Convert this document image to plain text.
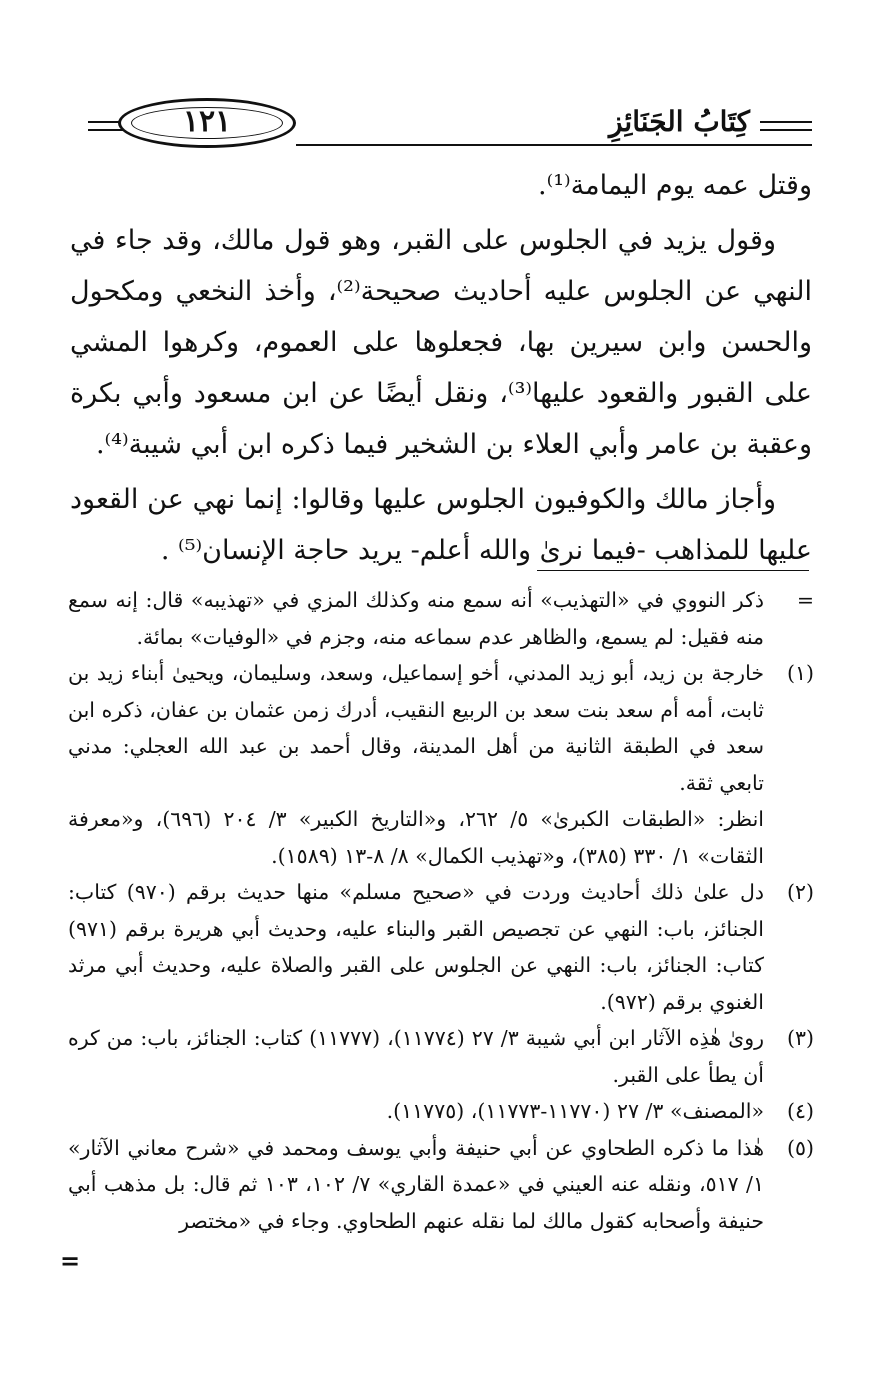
١٢١	كِتَابُ الجَنَائِزِ

وقتل عمه يوم اليمامة⁽¹⁾.

وقول يزيد في الجلوس على القبر، وهو قول مالك، وقد جاء في النهي عن الجلوس عليه أحاديث صحيحة⁽²⁾، وأخذ النخعي ومكحول والحسن وابن سيرين بها، فجعلوها على العموم، وكرهوا المشي على القبور والقعود عليها⁽³⁾، ونقل أيضًا عن ابن مسعود وأبي بكرة وعقبة بن عامر وأبي العلاء بن الشخير فيما ذكره ابن أبي شيبة⁽⁴⁾.

وأجاز مالك والكوفيون الجلوس عليها وقالوا: إنما نهي عن القعود عليها للمذاهب -فيما نرىٰ والله أعلم- يريد حاجة الإنسان⁽⁵⁾ .

=
ذكر النووي في «التهذيب» أنه سمع منه وكذلك المزي في «تهذيبه» قال: إنه سمع منه فقيل: لم يسمع، والظاهر عدم سماعه منه، وجزم في «الوفيات» بمائة.
(١)
خارجة بن زيد، أبو زيد المدني، أخو إسماعيل، وسعد، وسليمان، ويحيىٰ أبناء زيد بن ثابت، أمه أم سعد بنت سعد بن الربيع النقيب، أدرك زمن عثمان بن عفان، ذكره ابن سعد في الطبقة الثانية من أهل المدينة، وقال أحمد بن عبد الله العجلي: مدني تابعي ثقة.

انظر: «الطبقات الكبرىٰ» ٥/ ٢٦٢، و«التاريخ الكبير» ٣/ ٢٠٤ (٦٩٦)، و«معرفة الثقات» ١/ ٣٣٠ (٣٨٥)، و«تهذيب الكمال» ٨/ ٨-١٣ (١٥٨٩).

(٢)
دل علىٰ ذلك أحاديث وردت في «صحيح مسلم» منها حديث برقم (٩٧٠) كتاب: الجنائز، باب: النهي عن تجصيص القبر والبناء عليه، وحديث أبي هريرة برقم (٩٧١) كتاب: الجنائز، باب: النهي عن الجلوس على القبر والصلاة عليه، وحديث أبي مرثد الغنوي برقم (٩٧٢).
(٣)
روىٰ هٰذِه الآثار ابن أبي شيبة ٣/ ٢٧ (١١٧٧٤)، (١١٧٧٧) كتاب: الجنائز، باب: من كره أن يطأ على القبر.
(٤)
«المصنف» ٣/ ٢٧ (١١٧٧٠-١١٧٧٣)، (١١٧٧٥).
(٥)
هٰذا ما ذكره الطحاوي عن أبي حنيفة وأبي يوسف ومحمد في «شرح معاني الآثار» ١/ ٥١٧، ونقله عنه العيني في «عمدة القاري» ٧/ ١٠٢، ١٠٣ ثم قال: بل مذهب أبي حنيفة وأصحابه كقول مالك لما نقله عنهم الطحاوي. وجاء في «مختصر
=
